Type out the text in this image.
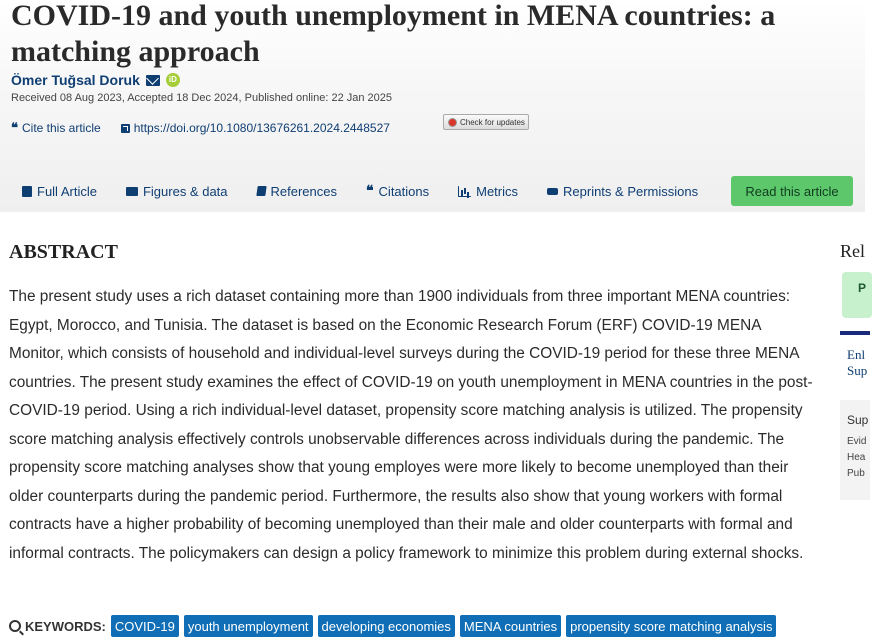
COVID-19 and youth unemployment in MENA countries: a matching approach
Ömer Tuğsal Doruk	iD
Received 08 Aug 2023, Accepted 18 Dec 2024, Published online: 22 Jan 2025
❝ Cite this article	https://doi.org/10.1080/13676261.2024.2448527	Check for updates
Full Article	Figures & data	References ❝ Citations	Metrics	Reprints & Permissions	Read this article
ABSTRACT

The present study uses a rich dataset containing more than 1900 individuals from three important MENA countries: Egypt, Morocco, and Tunisia. The dataset is based on the Economic Research Forum (ERF) COVID-19 MENA Monitor, which consists of household and individual-level surveys during the COVID-19 period for these three MENA countries. The present study examines the effect of COVID-19 on youth unemployment in MENA countries in the post-COVID-19 period. Using a rich individual-level dataset, propensity score matching analysis is utilized. The propensity score matching analysis effectively controls unobservable differences across individuals during the pandemic. The propensity score matching analyses show that young employes were more likely to become unemployed than their older counterparts during the pandemic period. Furthermore, the results also show that young workers with formal contracts have a higher probability of becoming unemployed than their male and older counterparts with formal and informal contracts. The policymakers can design a policy framework to minimize this problem during external shocks.

KEYWORDS: COVID-19	youth unemployment	developing economies	MENA countries	propensity score matching analysis
Rel
P
Enl
Sup
Sup
Evid
Hea
Pub
